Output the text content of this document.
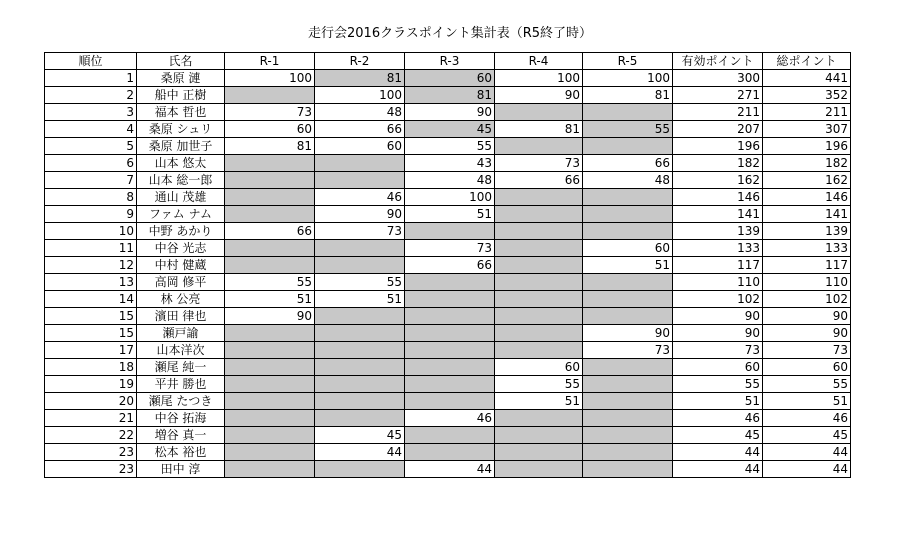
走行会2016クラスポイント集計表（R5終了時）
順位	氏名	R-1	R-2	R-3	R-4	R-5	有効ポイント	総ポイント
1	桑原 漣	100	81	60	100	100	300	441
2	船中 正樹		100	81	90	81	271	352
3	福本 哲也	73	48	90			211	211
4	桑原 シュリ	60	66	45	81	55	207	307
5	桑原 加世子	81	60	55			196	196
6	山本 悠太			43	73	66	182	182
7	山本 総一郎			48	66	48	162	162
8	通山 茂雄		46	100			146	146
9	ファム ナム		90	51			141	141
10	中野 あかり	66	73				139	139
11	中谷 光志			73		60	133	133
12	中村 健蔵			66		51	117	117
13	高岡 修平	55	55				110	110
14	林 公亮	51	51				102	102
15	濱田 律也	90					90	90
15	瀬戸諭					90	90	90
17	山本洋次					73	73	73
18	瀬尾 純一				60		60	60
19	平井 勝也				55		55	55
20	瀬尾 たつき				51		51	51
21	中谷 拓海			46			46	46
22	増谷 真一		45				45	45
23	松本 裕也		44				44	44
23	田中 淳			44			44	44
